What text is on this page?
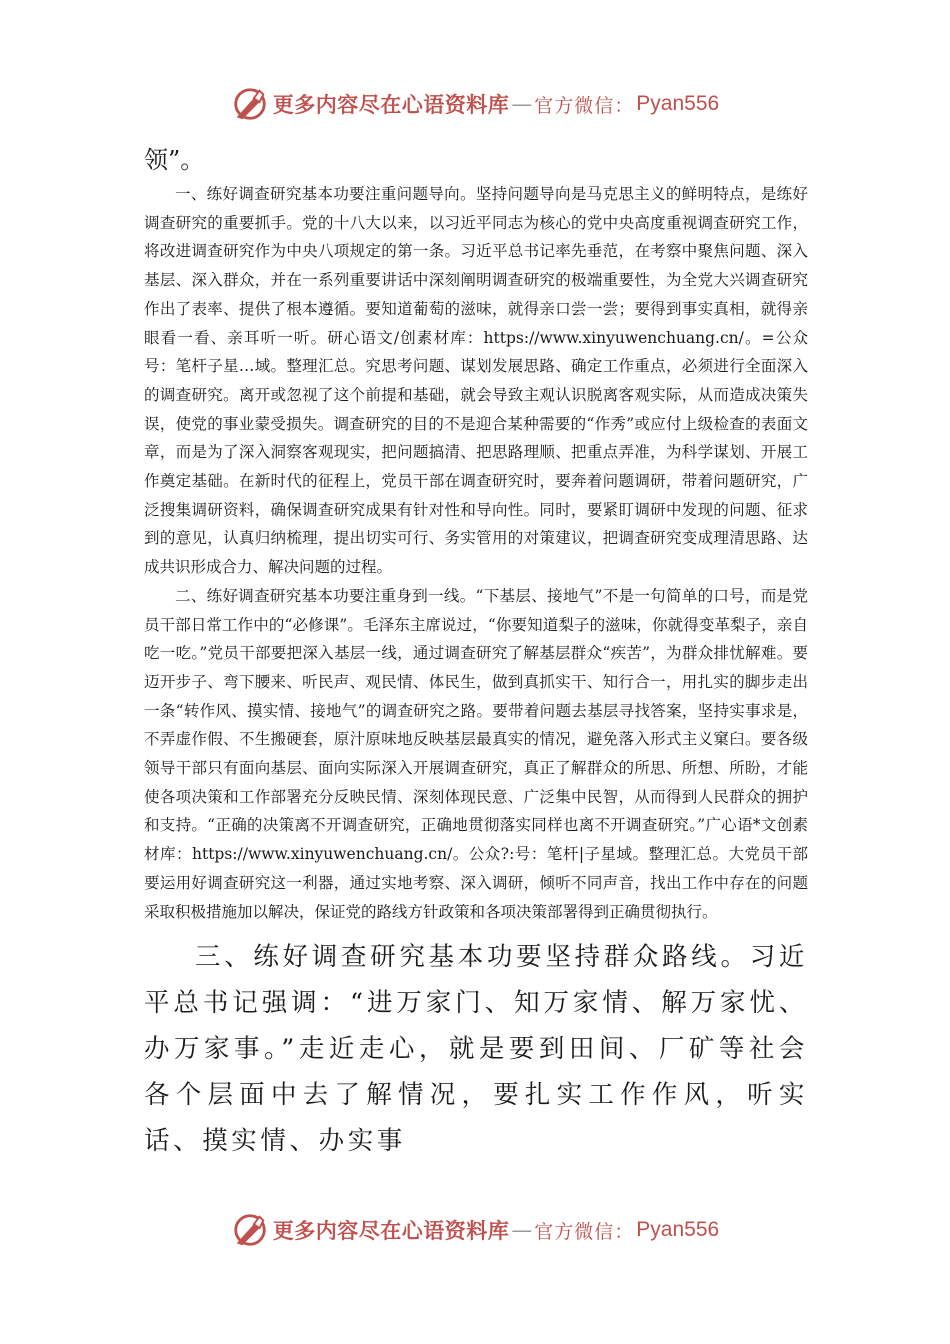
更多内容尽在心语资料库 — 官方微信： Pyan556

领”。

一、练好调查研究基本功要注重问题导向。坚持问题导向是马克思主义的鲜明特点，是练好调查研究的重要抓手。党的十八大以来，以习近平同志为核心的党中央高度重视调查研究工作，将改进调查研究作为中央八项规定的第一条。习近平总书记率先垂范，在考察中聚焦问题、深入基层、深入群众，并在一系列重要讲话中深刻阐明调查研究的极端重要性，为全党大兴调查研究作出了表率、提供了根本遵循。要知道葡萄的滋味，就得亲口尝一尝；要得到事实真相，就得亲眼看一看、亲耳听一听。研心语文/创素材库：https://www.xinyuwenchuang.cn/。=公众号：笔杆子星…域。整理汇总。究思考问题、谋划发展思路、确定工作重点，必须进行全面深入的调查研究。离开或忽视了这个前提和基础，就会导致主观认识脱离客观实际，从而造成决策失误，使党的事业蒙受损失。调查研究的目的不是迎合某种需要的“作秀”或应付上级检查的表面文章，而是为了深入洞察客观现实，把问题搞清、把思路理顺、把重点弄准，为科学谋划、开展工作奠定基础。在新时代的征程上，党员干部在调查研究时，要奔着问题调研，带着问题研究，广泛搜集调研资料，确保调查研究成果有针对性和导向性。同时，要紧盯调研中发现的问题、征求到的意见，认真归纳梳理，提出切实可行、务实管用的对策建议，把调查研究变成理清思路、达成共识形成合力、解决问题的过程。

二、练好调查研究基本功要注重身到一线。“下基层、接地气”不是一句简单的口号，而是党员干部日常工作中的“必修课”。毛泽东主席说过，“你要知道梨子的滋味，你就得变革梨子，亲自吃一吃。”党员干部要把深入基层一线，通过调查研究了解基层群众“疾苦”，为群众排忧解难。要迈开步子、弯下腰来、听民声、观民情、体民生，做到真抓实干、知行合一，用扎实的脚步走出一条“转作风、摸实情、接地气”的调查研究之路。要带着问题去基层寻找答案，坚持实事求是，不弄虚作假、不生搬硬套，原汁原味地反映基层最真实的情况，避免落入形式主义窠臼。要各级领导干部只有面向基层、面向实际深入开展调查研究，真正了解群众的所思、所想、所盼，才能使各项决策和工作部署充分反映民情、深刻体现民意、广泛集中民智，从而得到人民群众的拥护和支持。“正确的决策离不开调查研究，正确地贯彻落实同样也离不开调查研究。”广心语*文创素材库：https://www.xinyuwenchuang.cn/。公众?:号：笔杆|子星域。整理汇总。大党员干部要运用好调查研究这一利器，通过实地考察、深入调研，倾听不同声音，找出工作中存在的问题采取积极措施加以解决，保证党的路线方针政策和各项决策部署得到正确贯彻执行。

三、练好调查研究基本功要坚持群众路线。习近平总书记强调：“进万家门、知万家情、解万家忧、办万家事。”走近走心，就是要到田间、厂矿等社会各个层面中去了解情况，要扎实工作作风，听实话、摸实情、办实事

更多内容尽在心语资料库 — 官方微信： Pyan556
